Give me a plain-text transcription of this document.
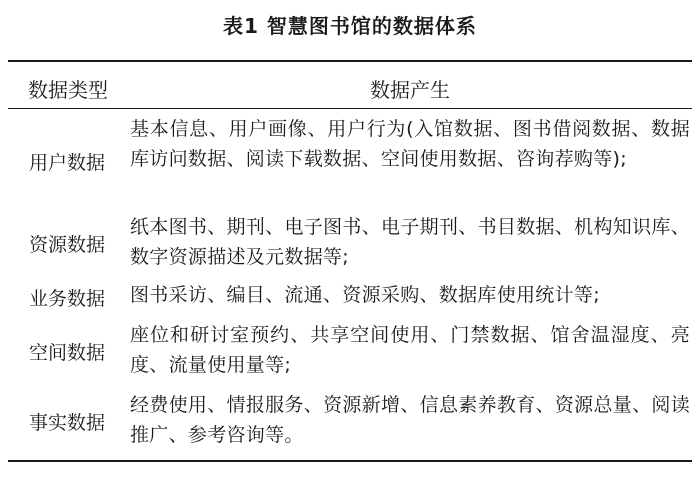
表1 智慧图书馆的数据体系
数据类型	数据产生
用户数据
基本信息、用户画像、用户行为(入馆数据、图书借阅数据、数据库访问数据、阅读下载数据、空间使用数据、咨询荐购等);
资源数据
纸本图书、期刊、电子图书、电子期刊、书目数据、机构知识库、数字资源描述及元数据等;
业务数据	图书采访、编目、流通、资源采购、数据库使用统计等;
空间数据
座位和研讨室预约、共享空间使用、门禁数据、馆舍温湿度、亮度、流量使用量等;
事实数据
经费使用、情报服务、资源新增、信息素养教育、资源总量、阅读推广、参考咨询等。
